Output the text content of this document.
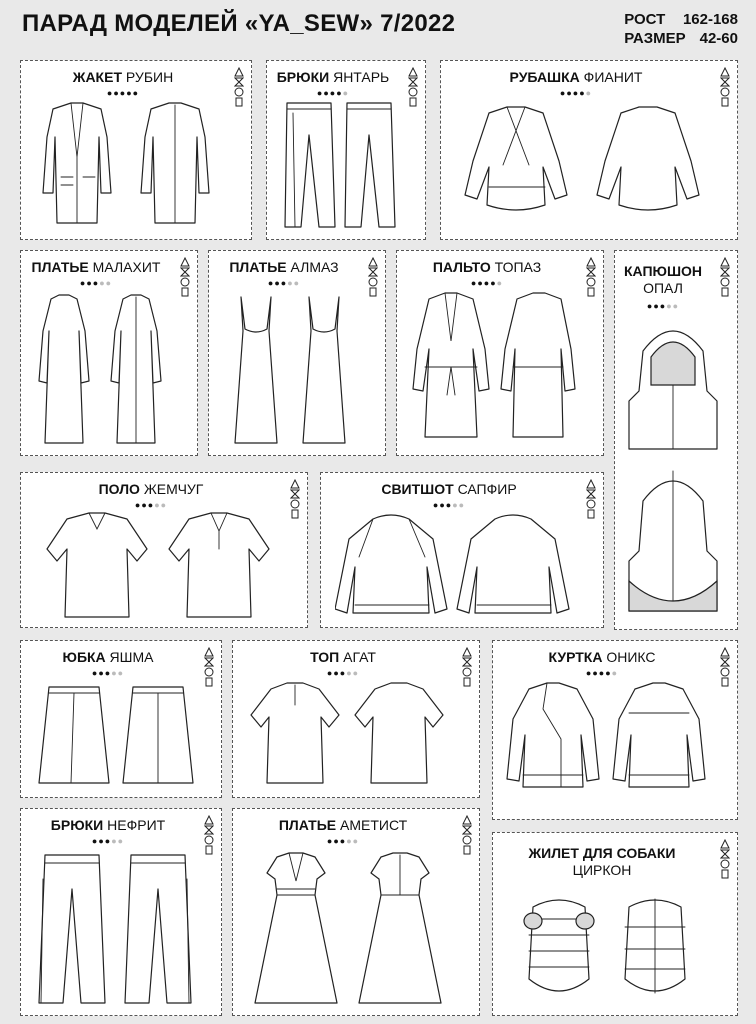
ПАРАД МОДЕЛЕЙ «YA_SEW» 7/2022	РОСТ 162-168
РАЗМЕР 42-60
ЖАКЕТ РУБИН
●●●●●
БРЮКИ ЯНТАРЬ
●●●●●
РУБАШКА ФИАНИТ
●●●●●
ПЛАТЬЕ МАЛАХИТ
●●●●●
ПЛАТЬЕ АЛМАЗ
●●●●●
ПАЛЬТО ТОПАЗ
●●●●●
КАПЮШОН
ОПАЛ
●●●●●
ПОЛО ЖЕМЧУГ
●●●●●
СВИТШОТ САПФИР
●●●●●
ЮБКА ЯШМА
●●●●●
ТОП АГАТ
●●●●●
КУРТКА ОНИКС
●●●●●
БРЮКИ НЕФРИТ
●●●●●
ПЛАТЬЕ АМЕТИСТ
●●●●●
ЖИЛЕТ ДЛЯ СОБАКИ
ЦИРКОН
